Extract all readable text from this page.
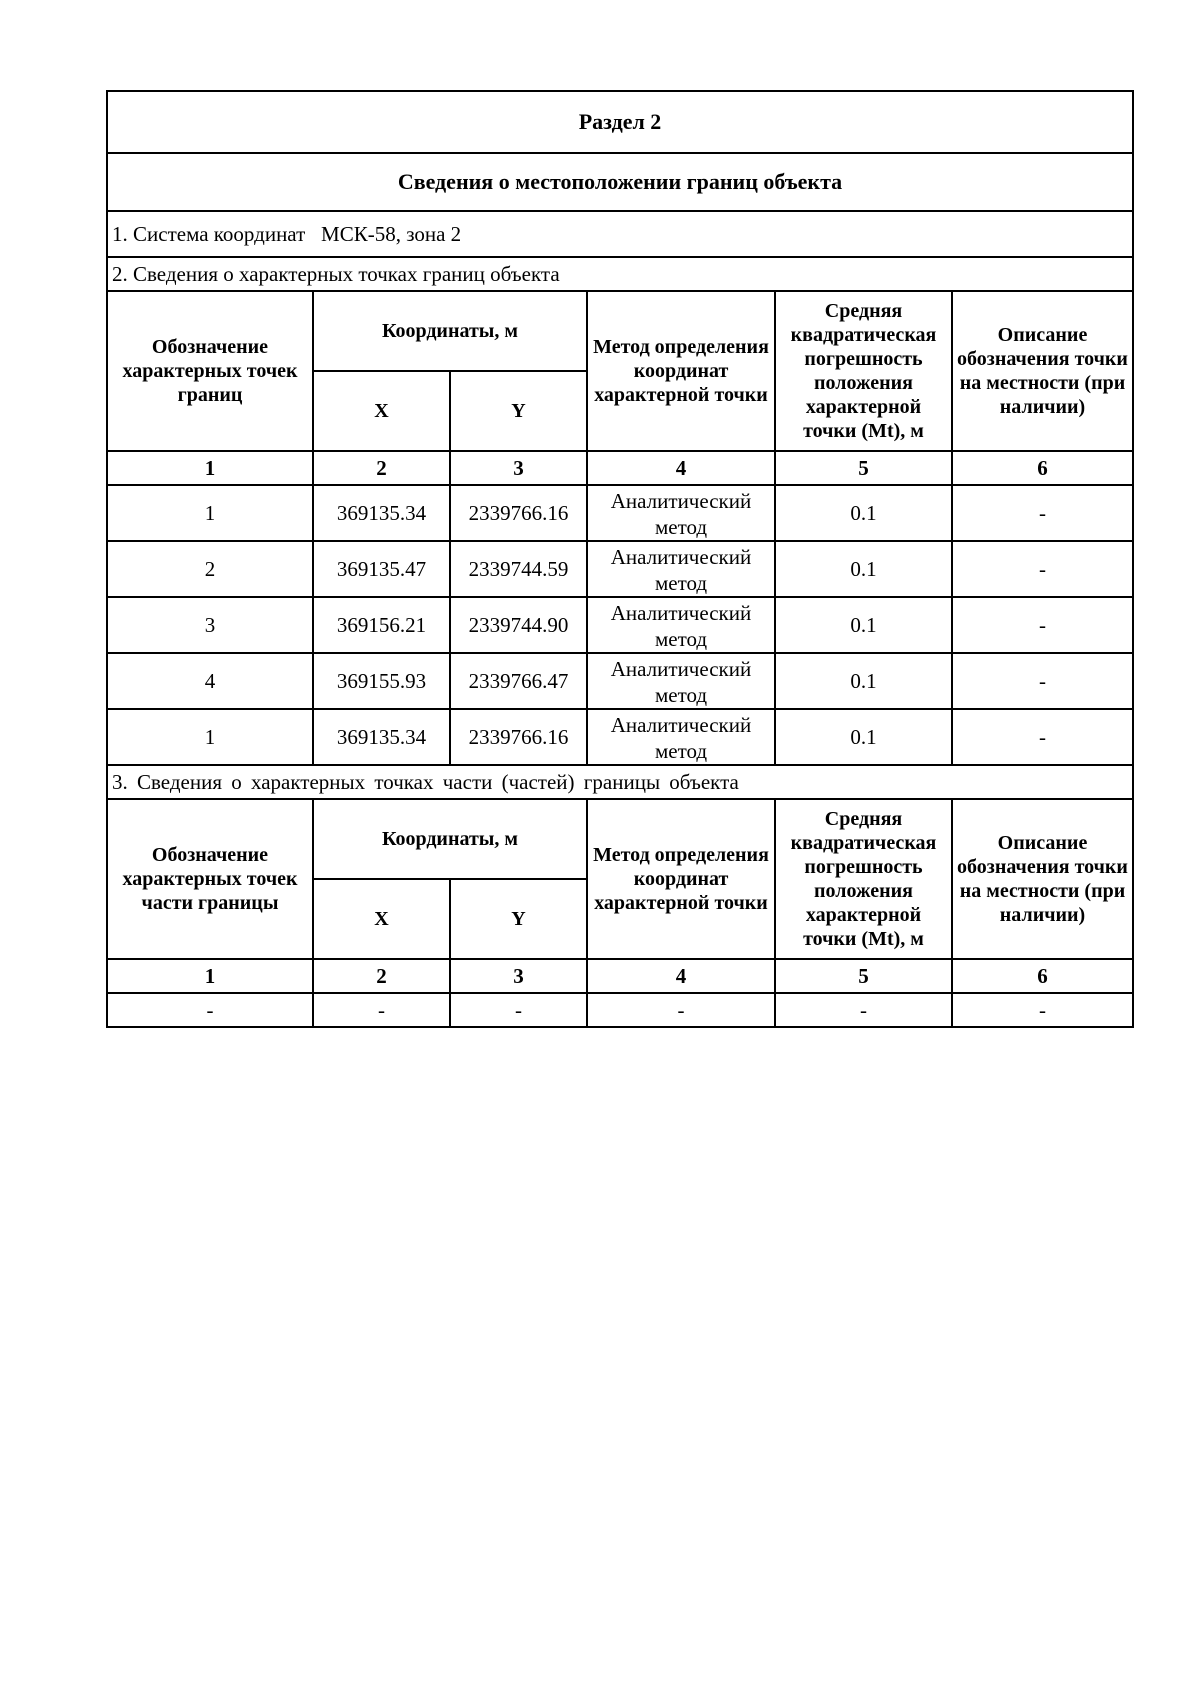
Раздел 2					
Сведения о местоположении границ объекта					
1. Система координат МСК-58, зона 2					
2. Сведения о характерных точках границ объекта					
Обозначение характерных точек границ	Координаты, м		Метод определения координат характерной точки	Средняя квадратическая погрешность положения характерной точки (Mt), м	Описание обозначения точки на местности (при наличии)
	X	Y			
1	2	3	4	5	6
1	369135.34	2339766.16	Аналитический метод	0.1	-
2	369135.47	2339744.59	Аналитический метод	0.1	-
3	369156.21	2339744.90	Аналитический метод	0.1	-
4	369155.93	2339766.47	Аналитический метод	0.1	-
1	369135.34	2339766.16	Аналитический метод	0.1	-
3. Сведения о характерных точках части (частей) границы объекта					
Обозначение характерных точек части границы	Координаты, м		Метод определения координат характерной точки	Средняя квадратическая погрешность положения характерной точки (Mt), м	Описание обозначения точки на местности (при наличии)
	X	Y			
1	2	3	4	5	6
-	-	-	-	-	-
